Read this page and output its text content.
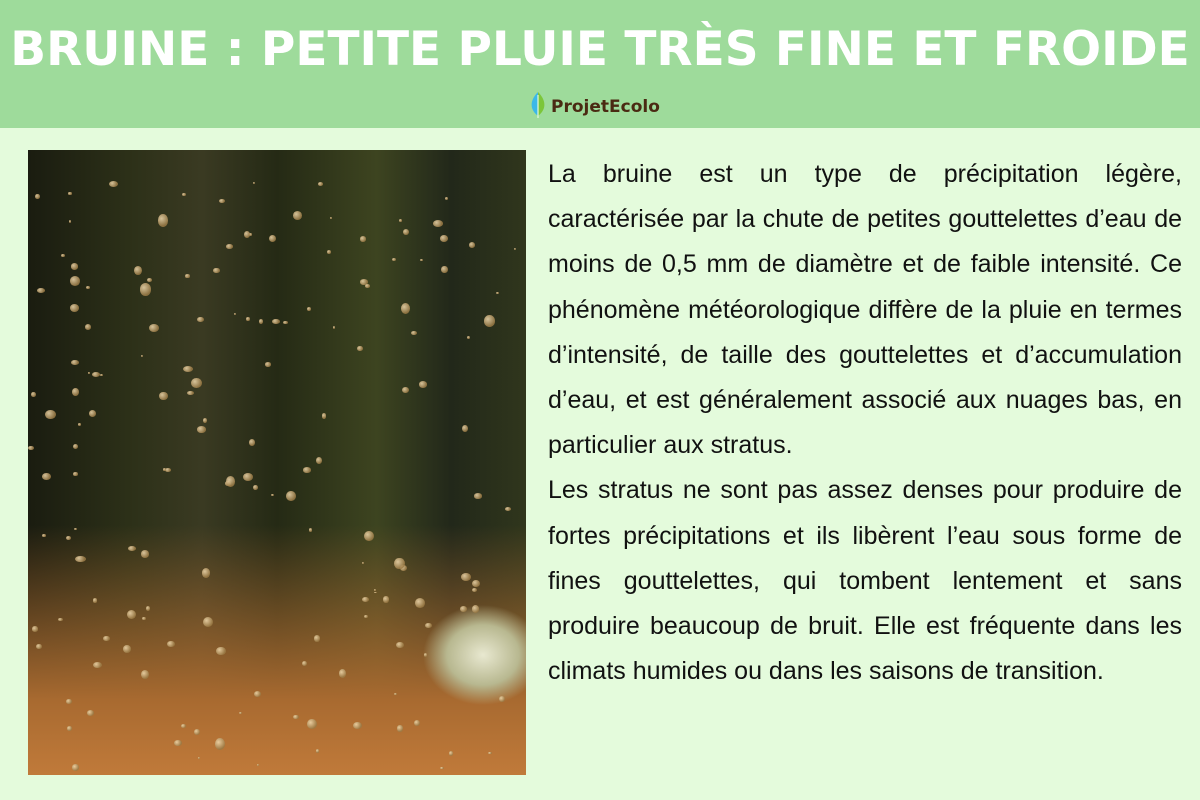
BRUINE : PETITE PLUIE TRÈS FINE ET FROIDE
ProjetEcolo

La bruine est un type de précipitation légère, caractérisée par la chute de petites gouttelettes d’eau de moins de 0,5 mm de diamètre et de faible intensité. Ce phénomène météorologique diffère de la pluie en termes d’intensité, de taille des gouttelettes et d’accumulation d’eau, et est généralement associé aux nuages bas, en particulier aux stratus.

Les stratus ne sont pas assez denses pour produire de fortes précipitations et ils libèrent l’eau sous forme de fines gouttelettes, qui tombent lentement et sans produire beaucoup de bruit. Elle est fréquente dans les climats humides ou dans les saisons de transition.
